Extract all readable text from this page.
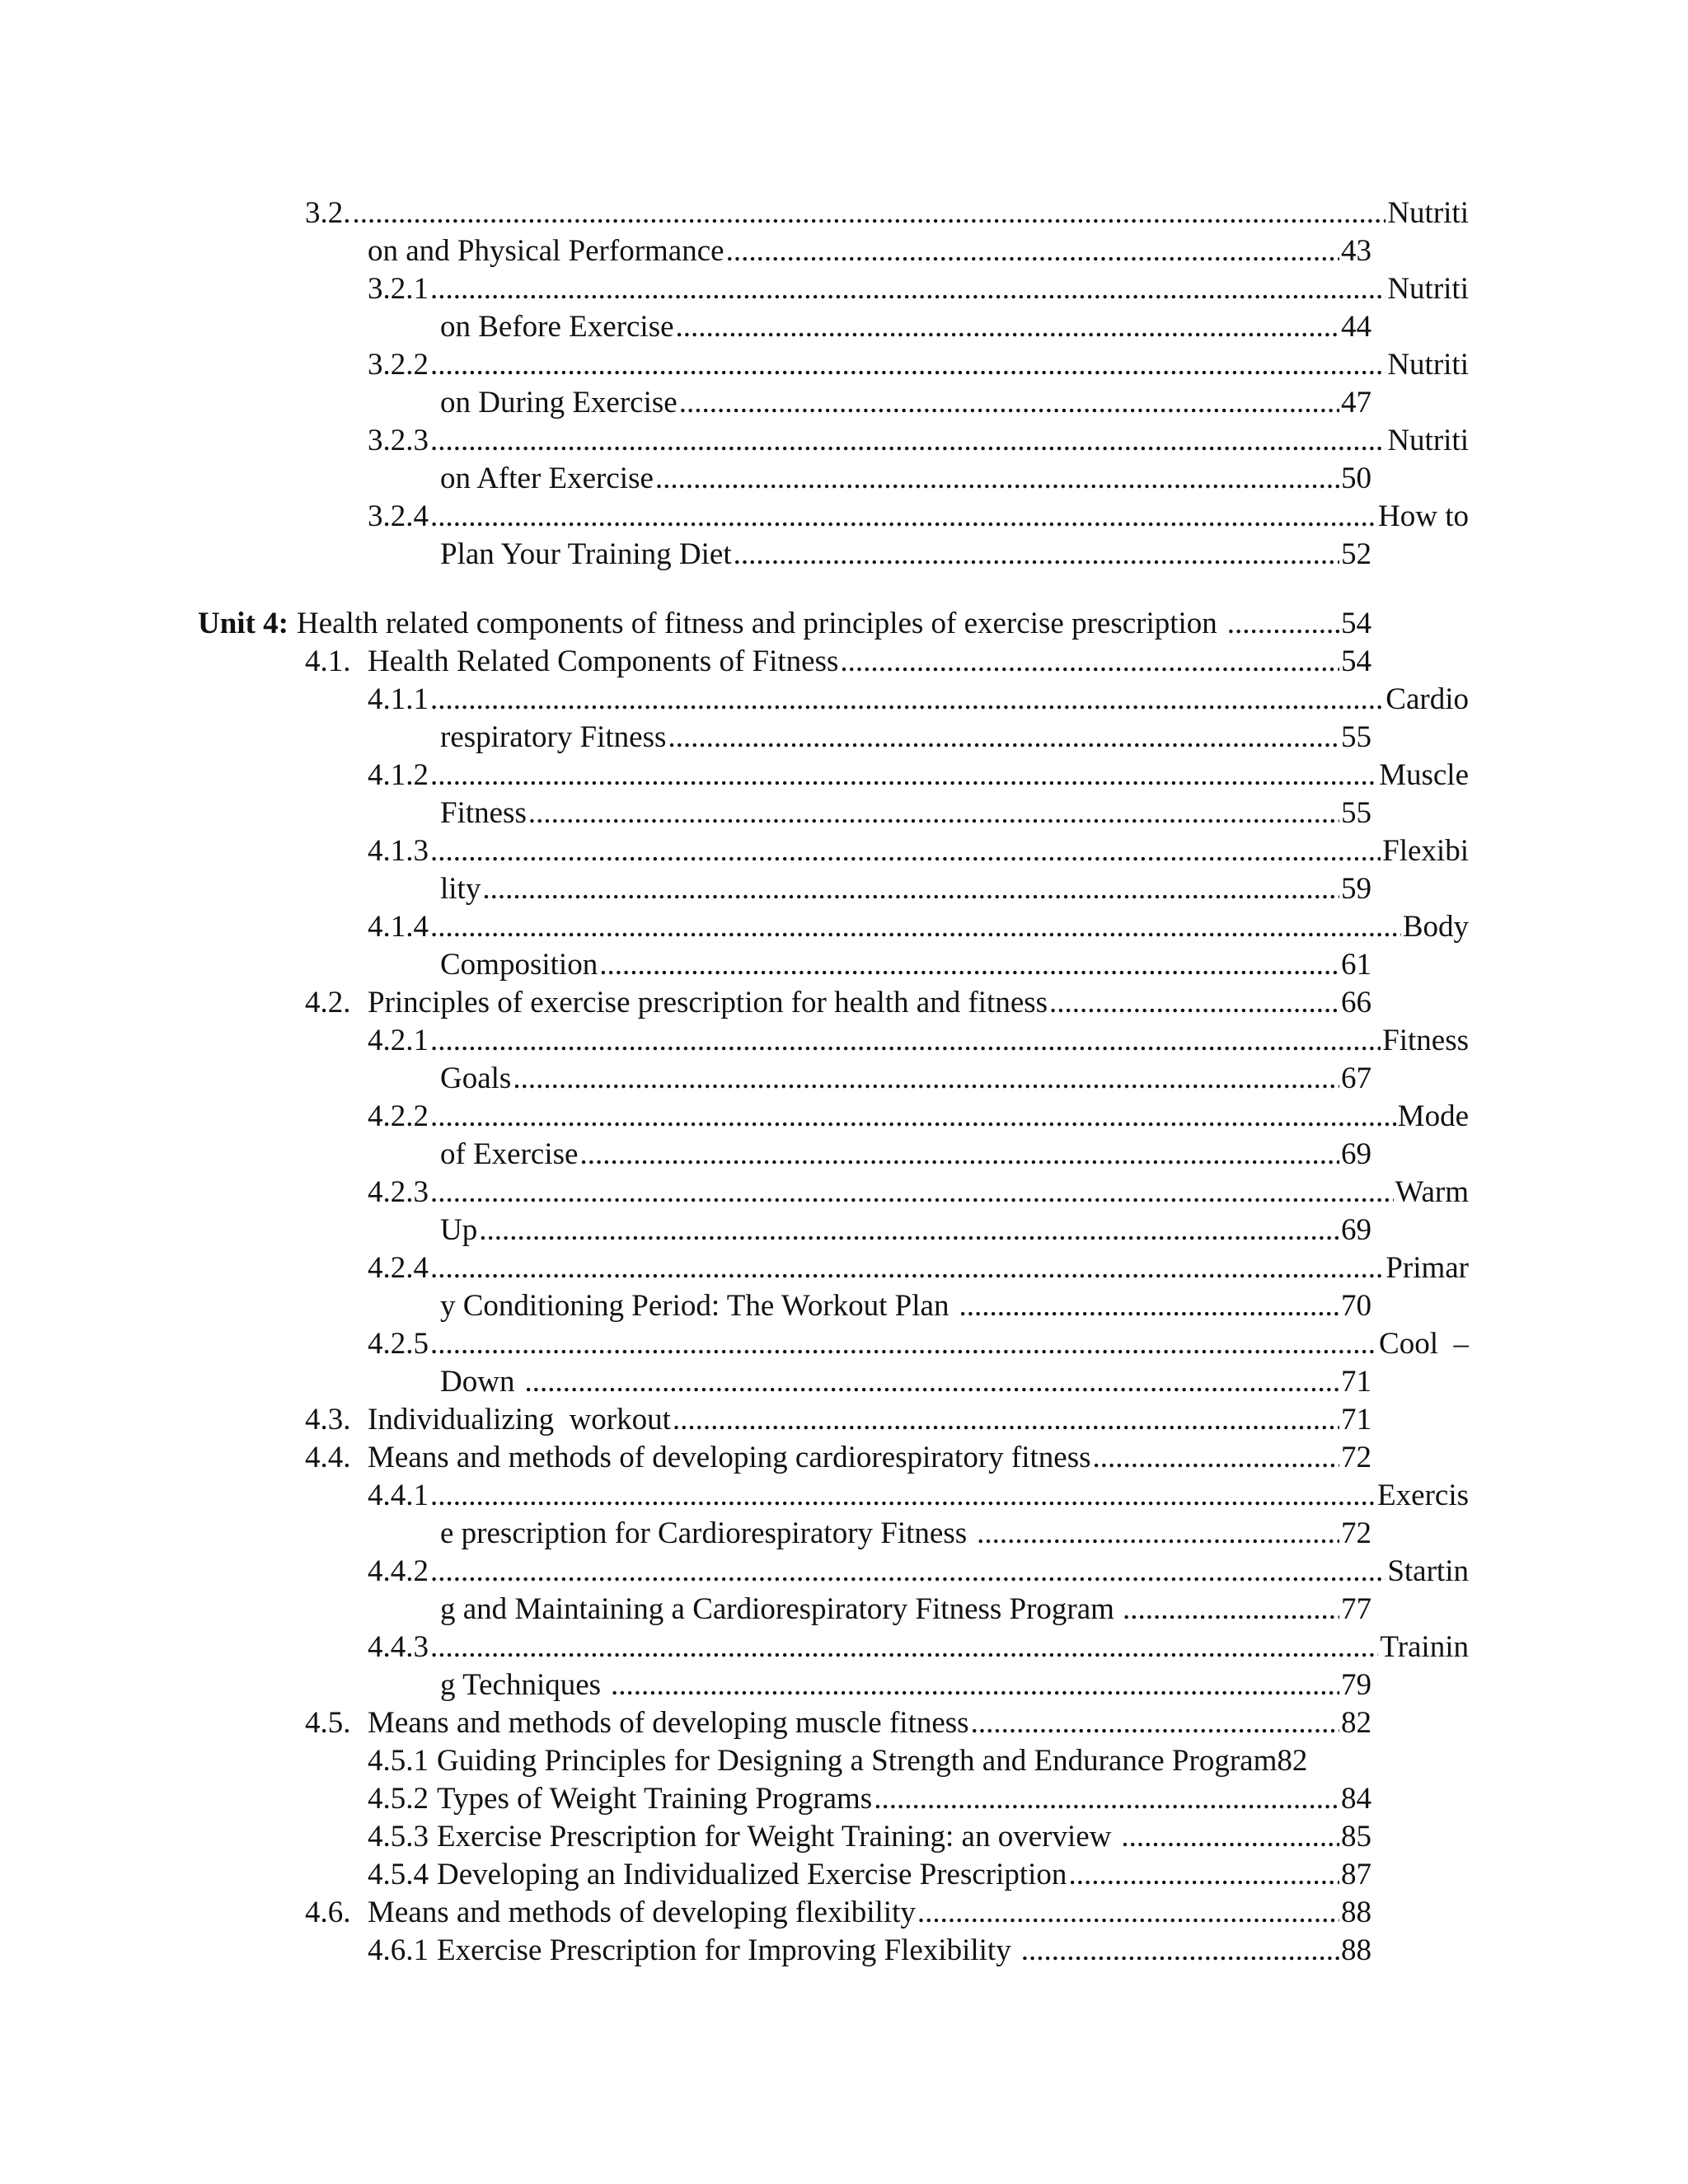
3.2. .....	Nutriti
on and Physical Performance .....	43
3.2.1 .....	Nutriti
on Before Exercise .....	44
3.2.2 .....	Nutriti
on During Exercise .....	47
3.2.3 .....	Nutriti
on After Exercise .....	50
3.2.4 .....	How to
Plan Your Training Diet .....	52
Unit 4: Health related components of fitness and principles of exercise prescription .....	54
4.1. Health Related Components of Fitness .....	54
4.1.1 .....	Cardio
respiratory Fitness .....	55
4.1.2 .....	Muscle
Fitness .....	55
4.1.3 .....	Flexibi
lity .....	59
4.1.4 .....	Body
Composition .....	61
4.2. Principles of exercise prescription for health and fitness .....	66
4.2.1 .....	Fitness
Goals .....	67
4.2.2 .....	Mode
of Exercise .....	69
4.2.3 .....	Warm
Up .....	69
4.2.4 .....	Primar
y Conditioning Period: The Workout Plan .....	70
4.2.5 .....	Cool  –
Down .....	71
4.3. Individualizing  workout .....	71
4.4. Means and methods of developing cardiorespiratory fitness .....	72
4.4.1 .....	Exercis
e prescription for Cardiorespiratory Fitness .....	72
4.4.2 .....	Startin
g and Maintaining a Cardiorespiratory Fitness Program .....	77
4.4.3 .....	Trainin
g Techniques .....	79
4.5. Means and methods of developing muscle fitness .....	82
4.5.1 Guiding Principles for Designing a Strength and Endurance Program 82
4.5.2 Types of Weight Training Programs .....	84
4.5.3 Exercise Prescription for Weight Training: an overview .....	85
4.5.4 Developing an Individualized Exercise Prescription .....	87
4.6. Means and methods of developing flexibility .....	88
4.6.1 Exercise Prescription for Improving Flexibility .....	88
